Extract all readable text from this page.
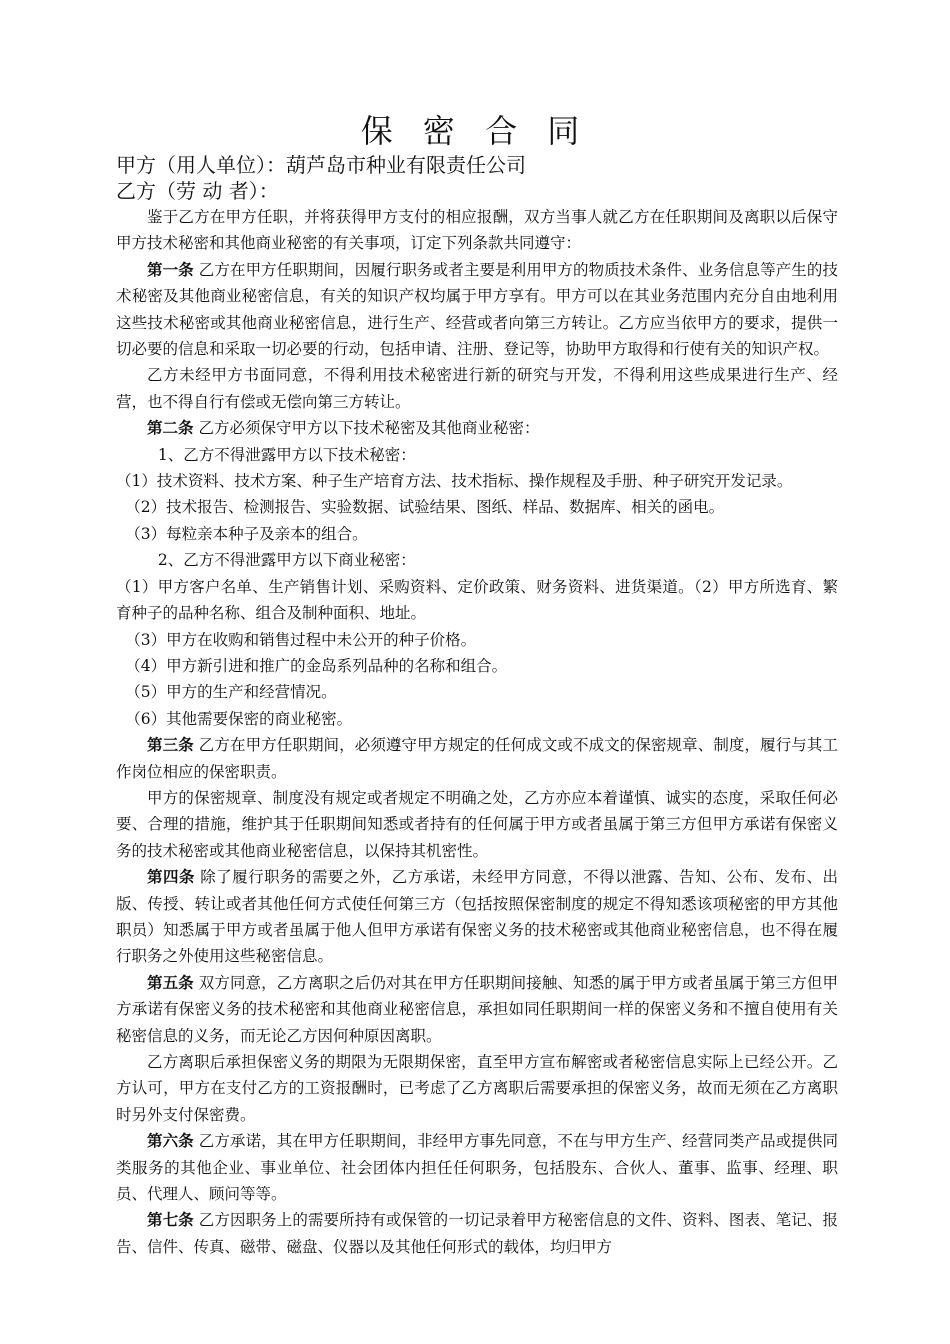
保 密 合 同
甲方（用人单位）：葫芦岛市种业有限责任公司
乙方（劳 动 者）：

鉴于乙方在甲方任职，并将获得甲方支付的相应报酬，双方当事人就乙方在任职期间及离职以后保守甲方技术秘密和其他商业秘密的有关事项，订定下列条款共同遵守：

第一条 乙方在甲方任职期间，因履行职务或者主要是利用甲方的物质技术条件、业务信息等产生的技术秘密及其他商业秘密信息，有关的知识产权均属于甲方享有。甲方可以在其业务范围内充分自由地利用这些技术秘密或其他商业秘密信息，进行生产、经营或者向第三方转让。乙方应当依甲方的要求，提供一切必要的信息和采取一切必要的行动，包括申请、注册、登记等，协助甲方取得和行使有关的知识产权。

乙方未经甲方书面同意，不得利用技术秘密进行新的研究与开发，不得利用这些成果进行生产、经营，也不得自行有偿或无偿向第三方转让。

第二条 乙方必须保守甲方以下技术秘密及其他商业秘密：

1、乙方不得泄露甲方以下技术秘密：

（1）技术资料、技术方案、种子生产培育方法、技术指标、操作规程及手册、种子研究开发记录。

（2）技术报告、检测报告、实验数据、试验结果、图纸、样品、数据库、相关的函电。

（3）每粒亲本种子及亲本的组合。

2、乙方不得泄露甲方以下商业秘密：

（1）甲方客户名单、生产销售计划、采购资料、定价政策、财务资料、进货渠道。（2）甲方所选育、繁育种子的品种名称、组合及制种面积、地址。

（3）甲方在收购和销售过程中未公开的种子价格。

（4）甲方新引进和推广的金岛系列品种的名称和组合。

（5）甲方的生产和经营情况。

（6）其他需要保密的商业秘密。

第三条 乙方在甲方任职期间，必须遵守甲方规定的任何成文或不成文的保密规章、制度，履行与其工作岗位相应的保密职责。

甲方的保密规章、制度没有规定或者规定不明确之处，乙方亦应本着谨慎、诚实的态度，采取任何必要、合理的措施，维护其于任职期间知悉或者持有的任何属于甲方或者虽属于第三方但甲方承诺有保密义务的技术秘密或其他商业秘密信息，以保持其机密性。

第四条 除了履行职务的需要之外，乙方承诺，未经甲方同意，不得以泄露、告知、公布、发布、出版、传授、转让或者其他任何方式使任何第三方（包括按照保密制度的规定不得知悉该项秘密的甲方其他职员）知悉属于甲方或者虽属于他人但甲方承诺有保密义务的技术秘密或其他商业秘密信息，也不得在履行职务之外使用这些秘密信息。

第五条 双方同意，乙方离职之后仍对其在甲方任职期间接触、知悉的属于甲方或者虽属于第三方但甲方承诺有保密义务的技术秘密和其他商业秘密信息，承担如同任职期间一样的保密义务和不擅自使用有关秘密信息的义务，而无论乙方因何种原因离职。

乙方离职后承担保密义务的期限为无限期保密，直至甲方宣布解密或者秘密信息实际上已经公开。乙方认可，甲方在支付乙方的工资报酬时，已考虑了乙方离职后需要承担的保密义务，故而无须在乙方离职时另外支付保密费。

第六条 乙方承诺，其在甲方任职期间，非经甲方事先同意，不在与甲方生产、经营同类产品或提供同类服务的其他企业、事业单位、社会团体内担任任何职务，包括股东、合伙人、董事、监事、经理、职员、代理人、顾问等等。

第七条 乙方因职务上的需要所持有或保管的一切记录着甲方秘密信息的文件、资料、图表、笔记、报告、信件、传真、磁带、磁盘、仪器以及其他任何形式的载体，均归甲方
